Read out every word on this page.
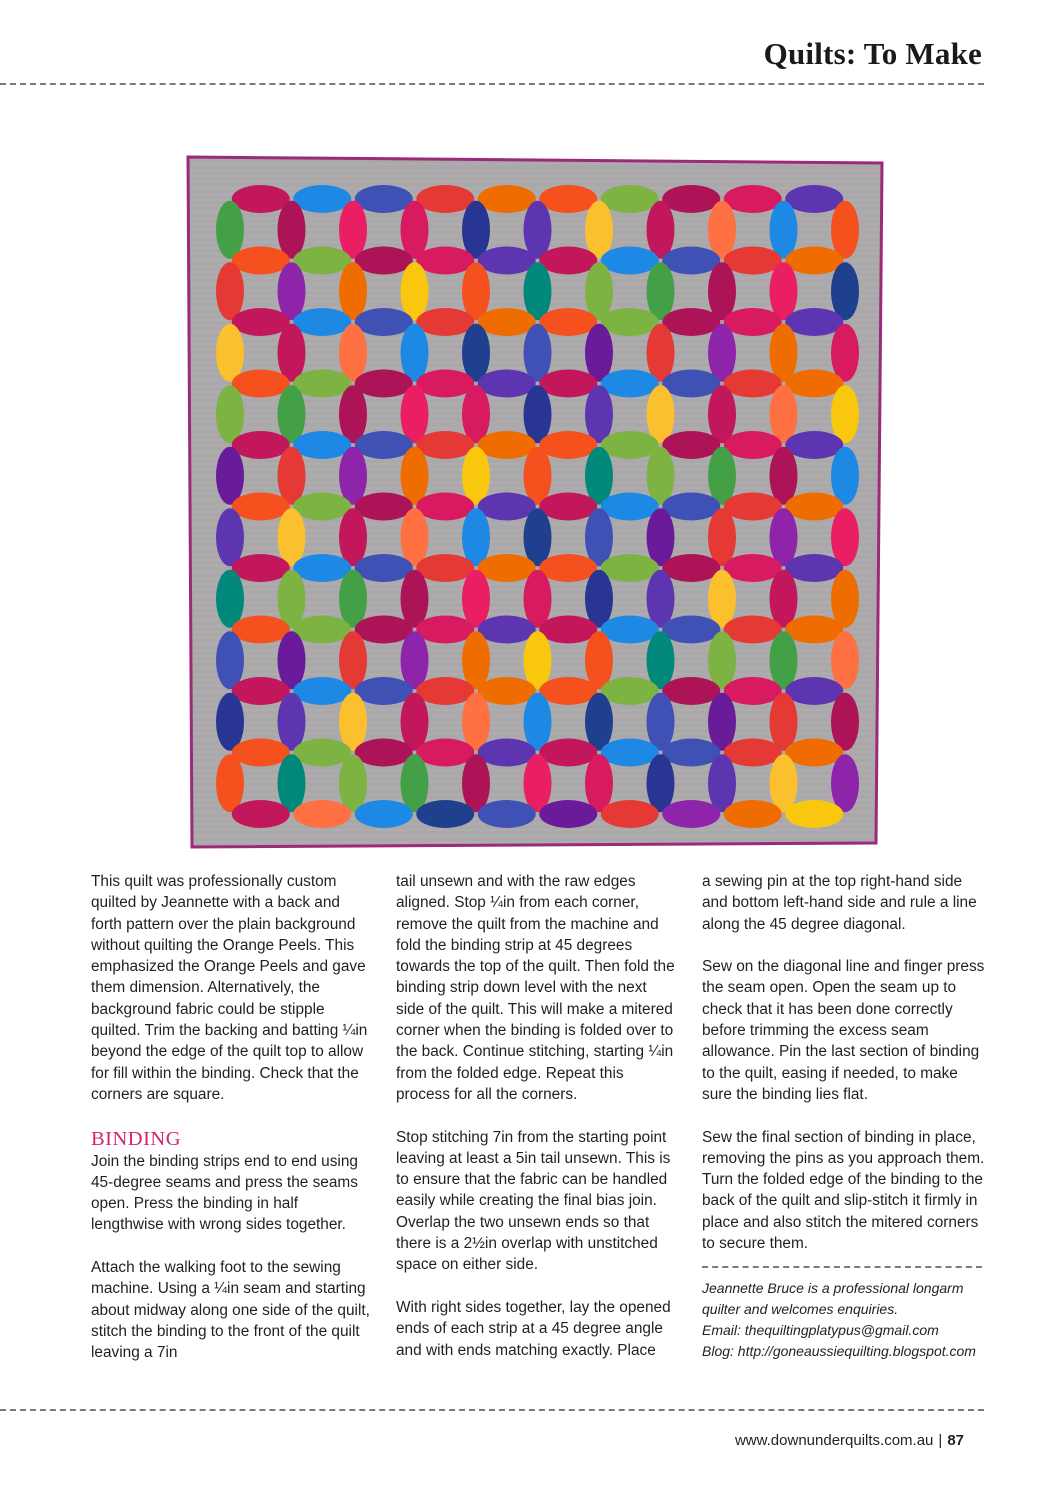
Quilts: To Make

This quilt was professionally custom quilted by Jeannette with a back and forth pattern over the plain background without quilting the Orange Peels. This emphasized the Orange Peels and gave them dimension. Alternatively, the background fabric could be stipple quilted. Trim the backing and batting ¼in beyond the edge of the quilt top to allow for fill within the binding. Check that the corners are square.

BINDING

Join the binding strips end to end using 45-degree seams and press the seams open. Press the binding in half lengthwise with wrong sides together.

Attach the walking foot to the sewing machine. Using a ¼in seam and starting about midway along one side of the quilt, stitch the binding to the front of the quilt leaving a 7in

tail unsewn and with the raw edges aligned. Stop ¼in from each corner, remove the quilt from the machine and fold the binding strip at 45 degrees towards the top of the quilt. Then fold the binding strip down level with the next side of the quilt. This will make a mitered corner when the binding is folded over to the back. Continue stitching, starting ¼in from the folded edge. Repeat this process for all the corners.

Stop stitching 7in from the starting point leaving at least a 5in tail unsewn. This is to ensure that the fabric can be handled easily while creating the final bias join. Overlap the two unsewn ends so that there is a 2½in overlap with unstitched space on either side.

With right sides together, lay the opened ends of each strip at a 45 degree angle and with ends matching exactly. Place

a sewing pin at the top right-hand side and bottom left-hand side and rule a line along the 45 degree diagonal.

Sew on the diagonal line and finger press the seam open. Open the seam up to check that it has been done correctly before trimming the excess seam allowance. Pin the last section of binding to the quilt, easing if needed, to make sure the binding lies flat.

Sew the final section of binding in place, removing the pins as you approach them. Turn the folded edge of the binding to the back of the quilt and slip-stitch it firmly in place and also stitch the mitered corners to secure them.

Jeannette Bruce is a professional longarm
quilter and welcomes enquiries.
Email: thequiltingplatypus@gmail.com
Blog: http://goneaussiequilting.blogspot.com
www.downunderquilts.com.au | 87
